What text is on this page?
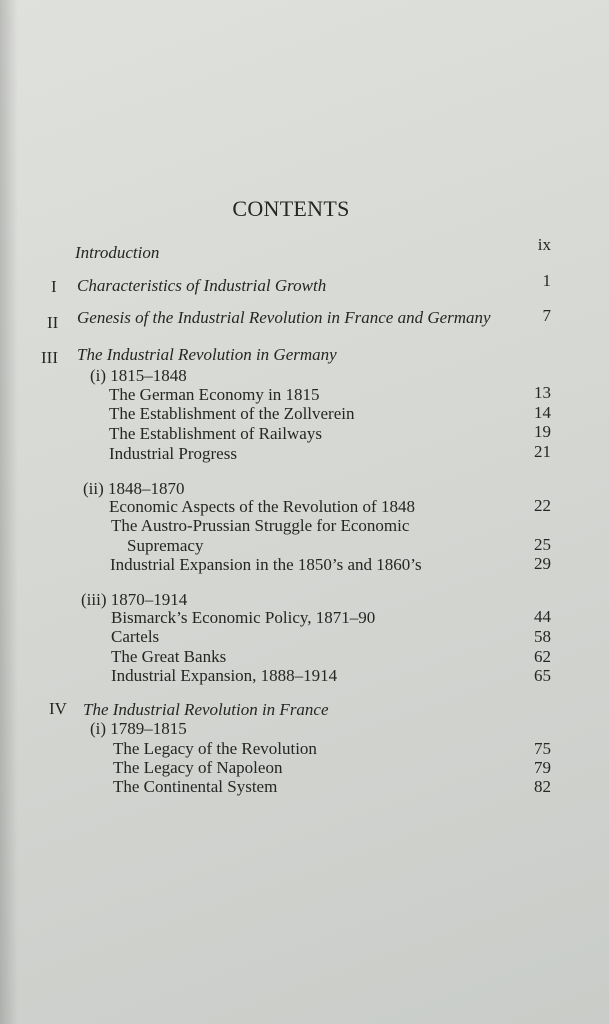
CONTENTS
Introduction	ix
I Characteristics of Industrial Growth	1
II Genesis of the Industrial Revolution in France and Germany	7
III The Industrial Revolution in Germany
(i) 1815–1848
The German Economy in 1815	13
The Establishment of the Zollverein	14
The Establishment of Railways	19
Industrial Progress	21
(ii) 1848–1870
Economic Aspects of the Revolution of 1848	22
The Austro-Prussian Struggle for Economic
Supremacy	25
Industrial Expansion in the 1850’s and 1860’s	29
(iii) 1870–1914
Bismarck’s Economic Policy, 1871–90	44
Cartels	58
The Great Banks	62
Industrial Expansion, 1888–1914	65
IV The Industrial Revolution in France
(i) 1789–1815
The Legacy of the Revolution	75
The Legacy of Napoleon	79
The Continental System	82
